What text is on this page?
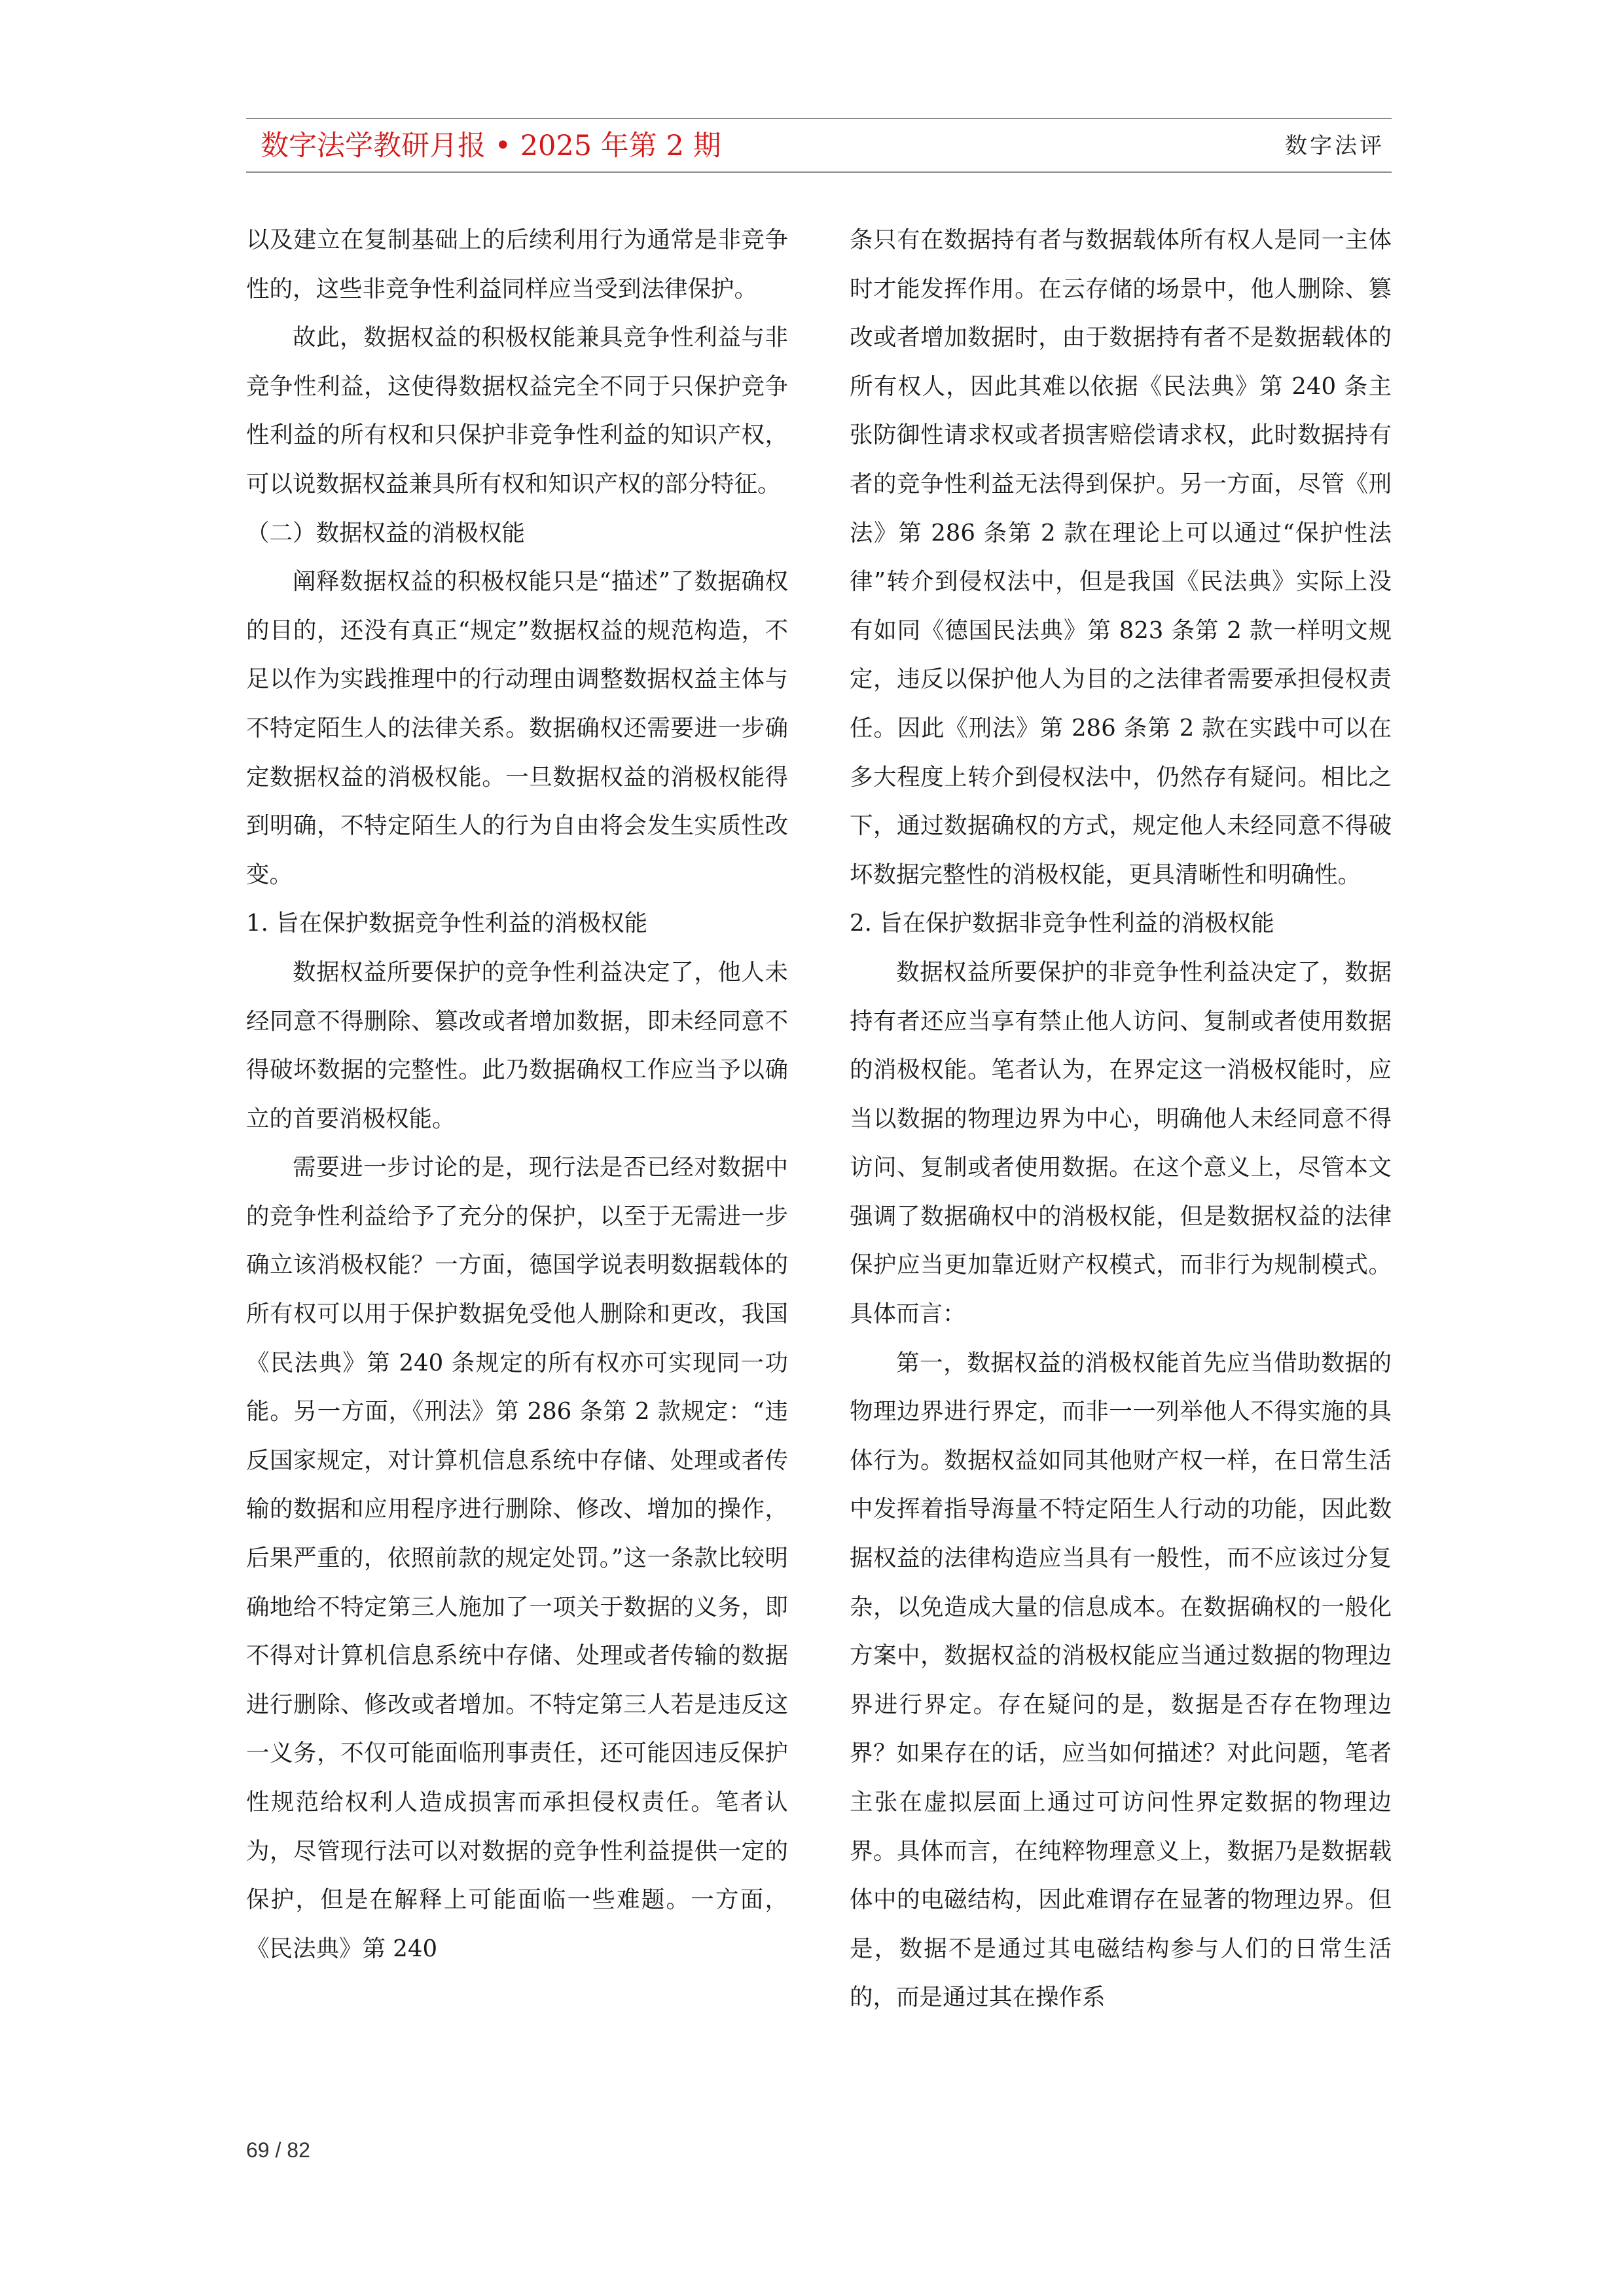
数字法学教研月报 • 2025 年第 2 期	数字法评

以及建立在复制基础上的后续利用行为通常是非竞争性的，这些非竞争性利益同样应当受到法律保护。

故此，数据权益的积极权能兼具竞争性利益与非竞争性利益，这使得数据权益完全不同于只保护竞争性利益的所有权和只保护非竞争性利益的知识产权，可以说数据权益兼具所有权和知识产权的部分特征。

（二）数据权益的消极权能

阐释数据权益的积极权能只是“描述”了数据确权的目的，还没有真正“规定”数据权益的规范构造，不足以作为实践推理中的行动理由调整数据权益主体与不特定陌生人的法律关系。数据确权还需要进一步确定数据权益的消极权能。一旦数据权益的消极权能得到明确，不特定陌生人的行为自由将会发生实质性改变。

1. 旨在保护数据竞争性利益的消极权能

数据权益所要保护的竞争性利益决定了，他人未经同意不得删除、篡改或者增加数据，即未经同意不得破坏数据的完整性。此乃数据确权工作应当予以确立的首要消极权能。

需要进一步讨论的是，现行法是否已经对数据中的竞争性利益给予了充分的保护，以至于无需进一步确立该消极权能？一方面，德国学说表明数据载体的所有权可以用于保护数据免受他人删除和更改，我国《民法典》第 240 条规定的所有权亦可实现同一功能。另一方面，《刑法》第 286 条第 2 款规定：“违反国家规定，对计算机信息系统中存储、处理或者传输的数据和应用程序进行删除、修改、增加的操作，后果严重的，依照前款的规定处罚。”这一条款比较明确地给不特定第三人施加了一项关于数据的义务，即不得对计算机信息系统中存储、处理或者传输的数据进行删除、修改或者增加。不特定第三人若是违反这一义务，不仅可能面临刑事责任，还可能因违反保护性规范给权利人造成损害而承担侵权责任。笔者认为，尽管现行法可以对数据的竞争性利益提供一定的保护，但是在解释上可能面临一些难题。一方面，《民法典》第 240

条只有在数据持有者与数据载体所有权人是同一主体时才能发挥作用。在云存储的场景中，他人删除、篡改或者增加数据时，由于数据持有者不是数据载体的所有权人，因此其难以依据《民法典》第 240 条主张防御性请求权或者损害赔偿请求权，此时数据持有者的竞争性利益无法得到保护。另一方面，尽管《刑法》第 286 条第 2 款在理论上可以通过“保护性法律”转介到侵权法中，但是我国《民法典》实际上没有如同《德国民法典》第 823 条第 2 款一样明文规定，违反以保护他人为目的之法律者需要承担侵权责任。因此《刑法》第 286 条第 2 款在实践中可以在多大程度上转介到侵权法中，仍然存有疑问。相比之下，通过数据确权的方式，规定他人未经同意不得破坏数据完整性的消极权能，更具清晰性和明确性。

2. 旨在保护数据非竞争性利益的消极权能

数据权益所要保护的非竞争性利益决定了，数据持有者还应当享有禁止他人访问、复制或者使用数据的消极权能。笔者认为，在界定这一消极权能时，应当以数据的物理边界为中心，明确他人未经同意不得访问、复制或者使用数据。在这个意义上，尽管本文强调了数据确权中的消极权能，但是数据权益的法律保护应当更加靠近财产权模式，而非行为规制模式。具体而言：

第一，数据权益的消极权能首先应当借助数据的物理边界进行界定，而非一一列举他人不得实施的具体行为。数据权益如同其他财产权一样，在日常生活中发挥着指导海量不特定陌生人行动的功能，因此数据权益的法律构造应当具有一般性，而不应该过分复杂，以免造成大量的信息成本。在数据确权的一般化方案中，数据权益的消极权能应当通过数据的物理边界进行界定。存在疑问的是，数据是否存在物理边界？如果存在的话，应当如何描述？对此问题，笔者主张在虚拟层面上通过可访问性界定数据的物理边界。具体而言，在纯粹物理意义上，数据乃是数据载体中的电磁结构，因此难谓存在显著的物理边界。但是，数据不是通过其电磁结构参与人们的日常生活的，而是通过其在操作系

69 / 82
